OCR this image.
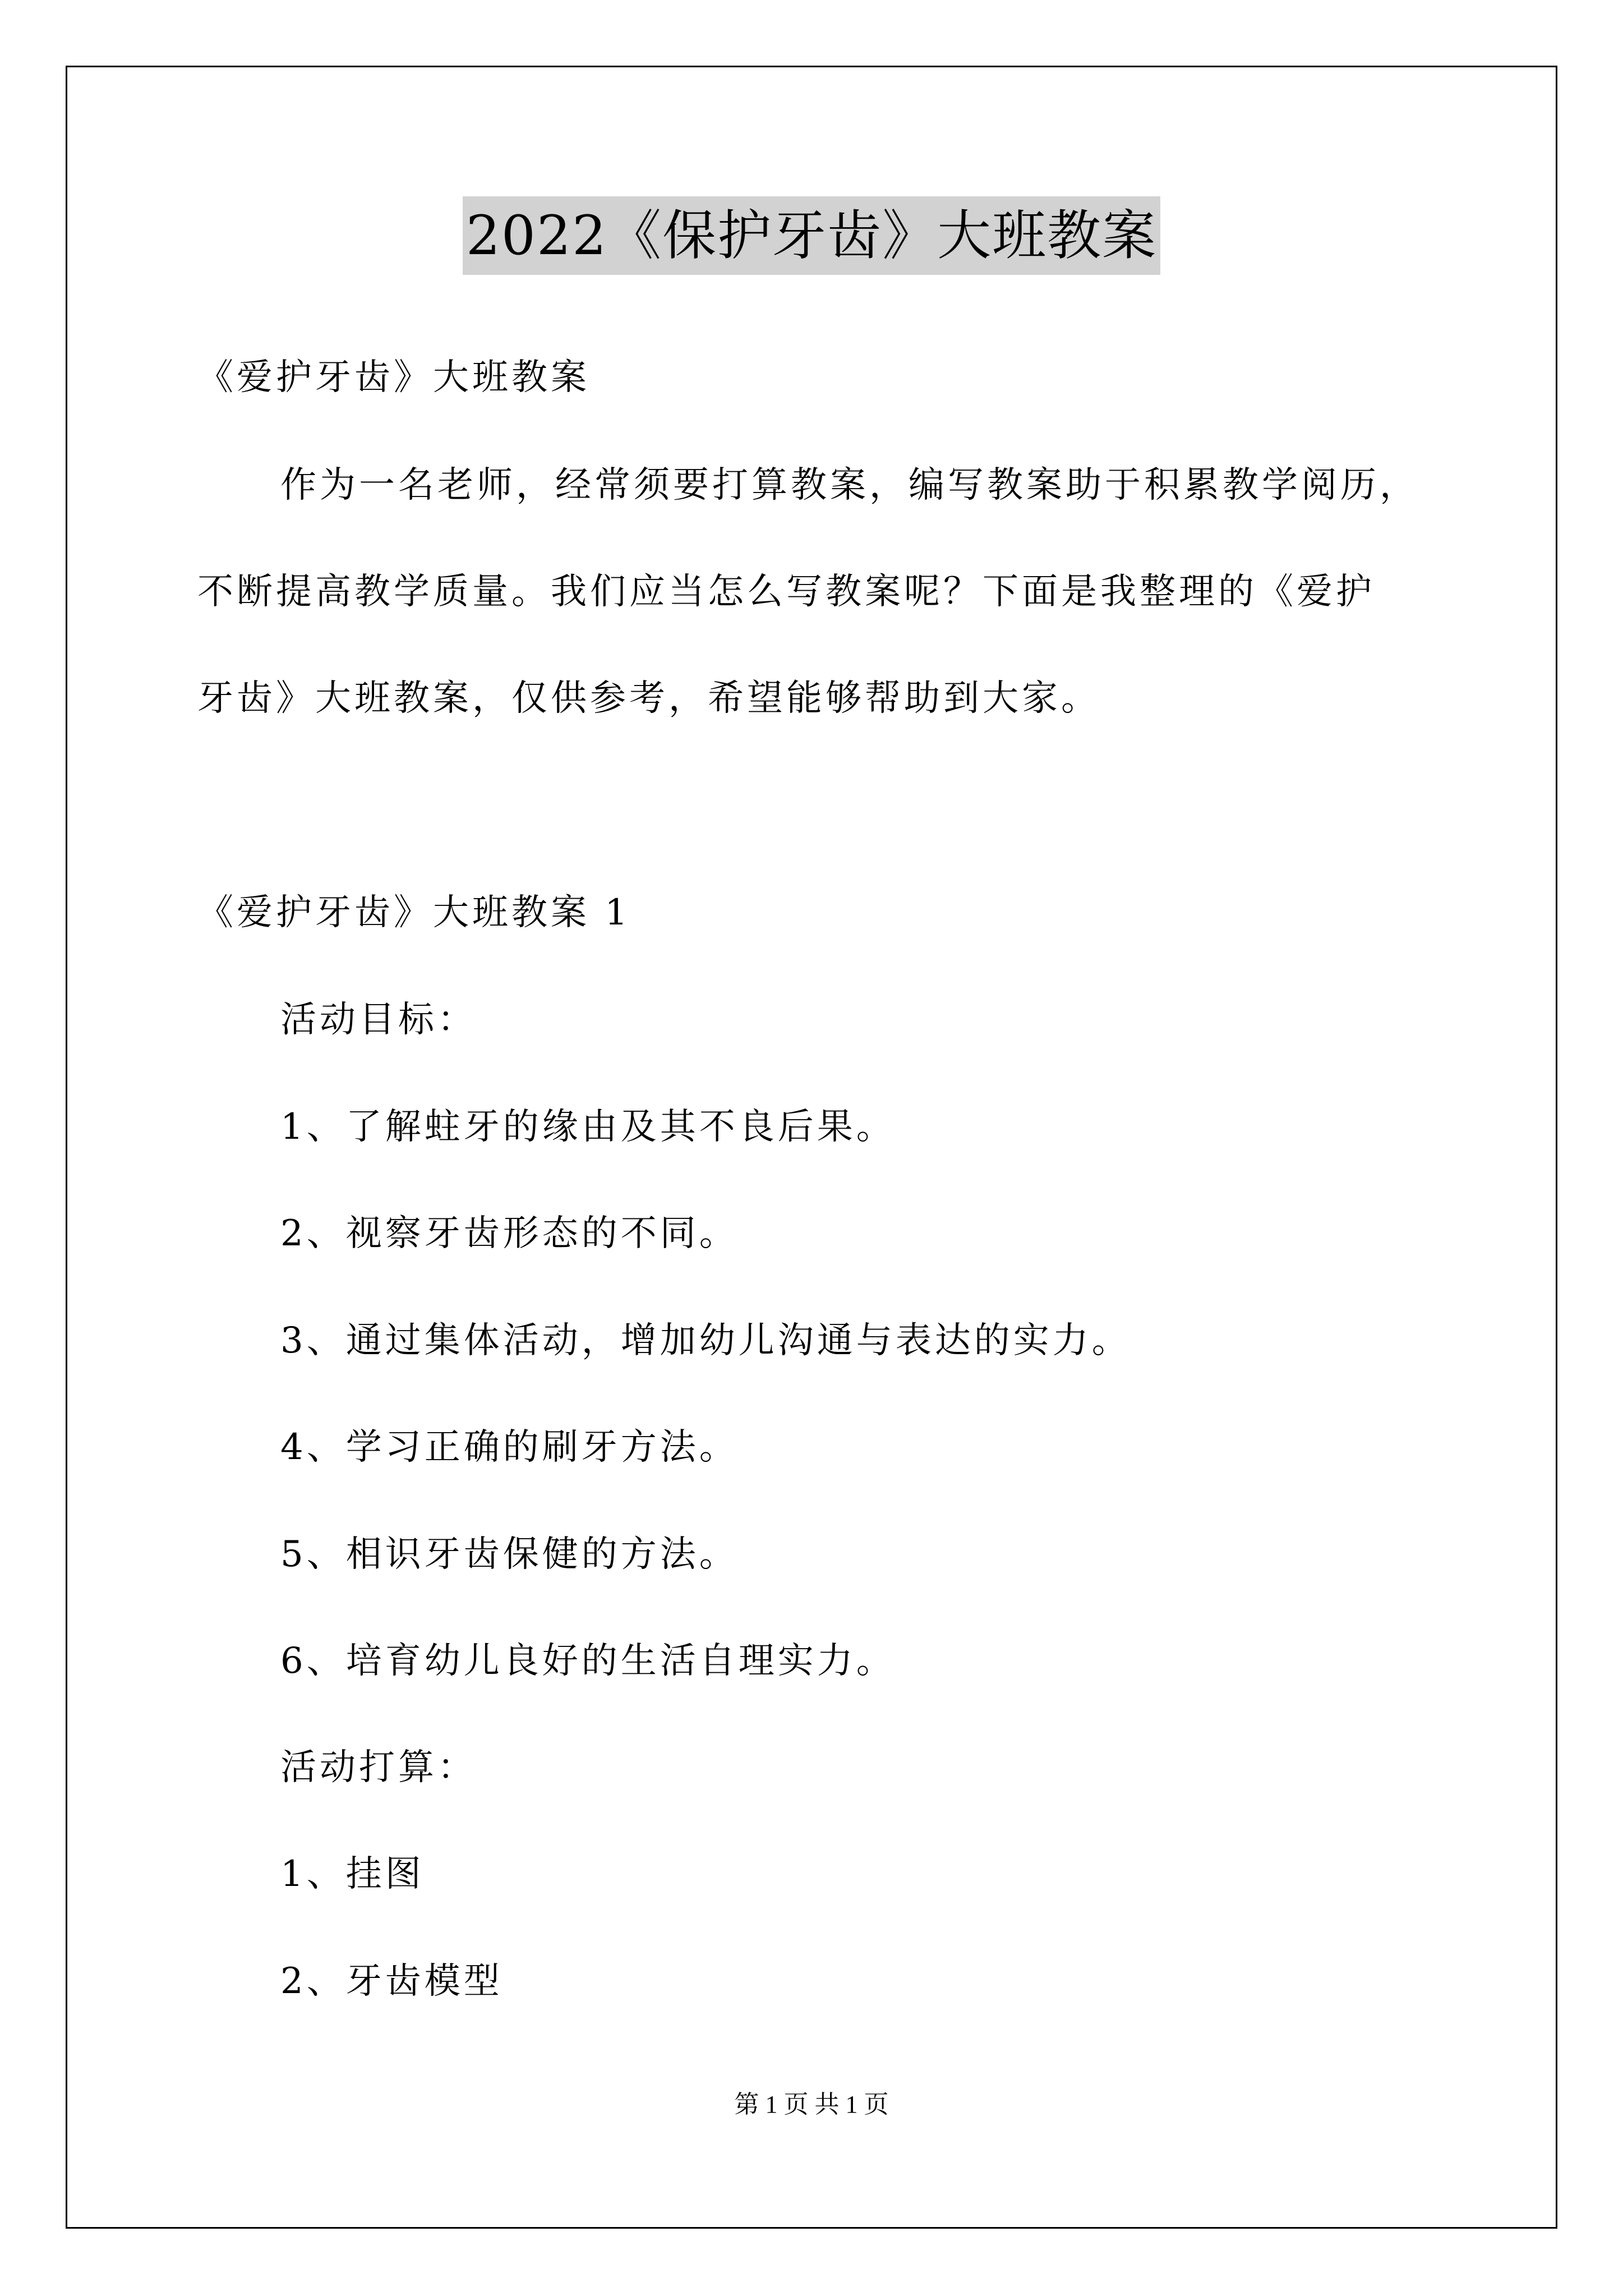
2022《保护牙齿》大班教案
《爱护牙齿》大班教案
作为一名老师，经常须要打算教案，编写教案助于积累教学阅历，
不断提高教学质量。我们应当怎么写教案呢？下面是我整理的《爱护
牙齿》大班教案，仅供参考，希望能够帮助到大家。
《爱护牙齿》大班教案 1
活动目标：
1、了解蛀牙的缘由及其不良后果。
2、视察牙齿形态的不同。
3、通过集体活动，增加幼儿沟通与表达的实力。
4、学习正确的刷牙方法。
5、相识牙齿保健的方法。
6、培育幼儿良好的生活自理实力。
活动打算：
1、挂图
2、牙齿模型
第 1 页 共 1 页
